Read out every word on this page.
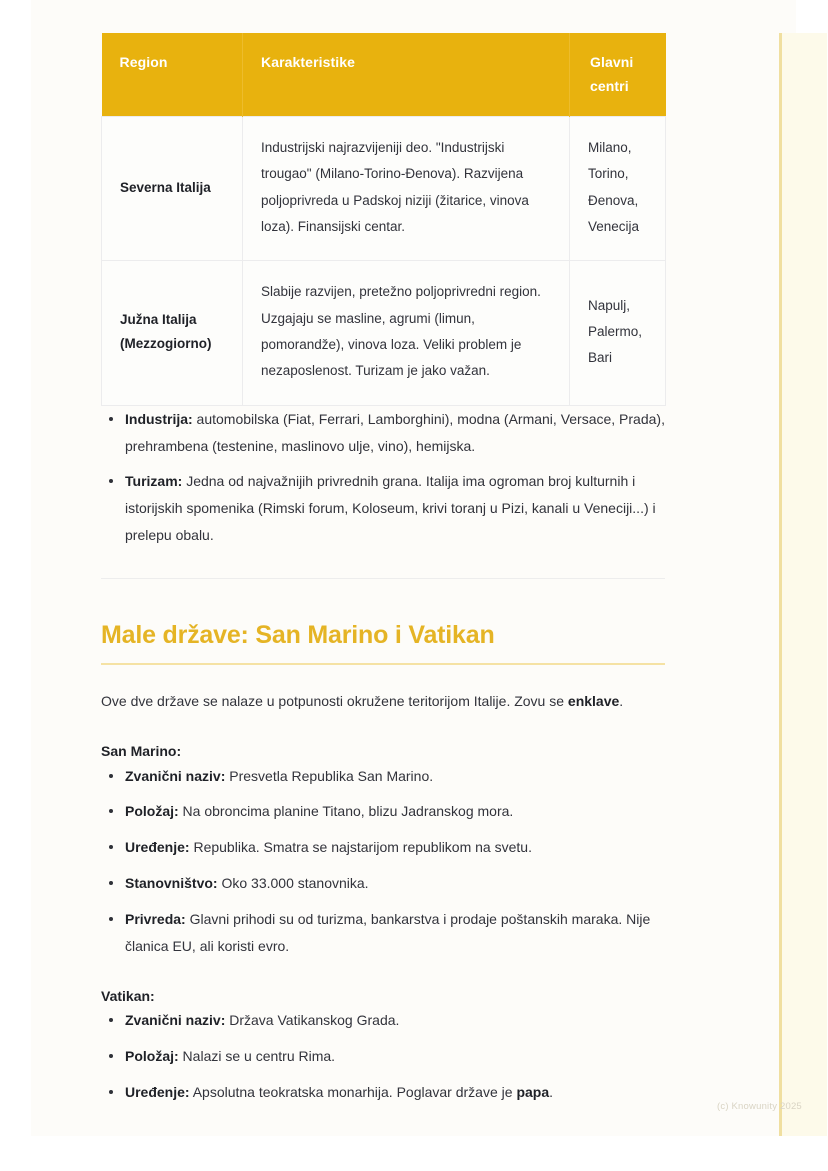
Region	Karakteristike	Glavni centri
Severna Italija	Industrijski najrazvijeniji deo. "Industrijski trougao" (Milano-Torino-Đenova). Razvijena poljoprivreda u Padskoj niziji (žitarice, vinova loza). Finansijski centar.	Milano, Torino, Đenova, Venecija
Južna Italija (Mezzogiorno)	Slabije razvijen, pretežno poljoprivredni region. Uzgajaju se masline, agrumi (limun, pomorandže), vinova loza. Veliki problem je nezaposlenost. Turizam je jako važan.	Napulj, Palermo, Bari
Industrija: automobilska (Fiat, Ferrari, Lamborghini), modna (Armani, Versace, Prada), prehrambena (testenine, maslinovo ulje, vino), hemijska.
Turizam: Jedna od najvažnijih privrednih grana. Italija ima ogroman broj kulturnih i istorijskih spomenika (Rimski forum, Koloseum, krivi toranj u Pizi, kanali u Veneciji...) i prelepu obalu.
Male države: San Marino i Vatikan

Ove dve države se nalaze u potpunosti okružene teritorijom Italije. Zovu se enklave.

San Marino:

Zvanični naziv: Presvetla Republika San Marino.
Položaj: Na obroncima planine Titano, blizu Jadranskog mora.
Uređenje: Republika. Smatra se najstarijom republikom na svetu.
Stanovništvo: Oko 33.000 stanovnika.
Privreda: Glavni prihodi su od turizma, bankarstva i prodaje poštanskih maraka. Nije članica EU, ali koristi evro.

Vatikan:

Zvanični naziv: Država Vatikanskog Grada.
Položaj: Nalazi se u centru Rima.
Uređenje: Apsolutna teokratska monarhija. Poglavar države je papa.
(c) Knowunity 2025
